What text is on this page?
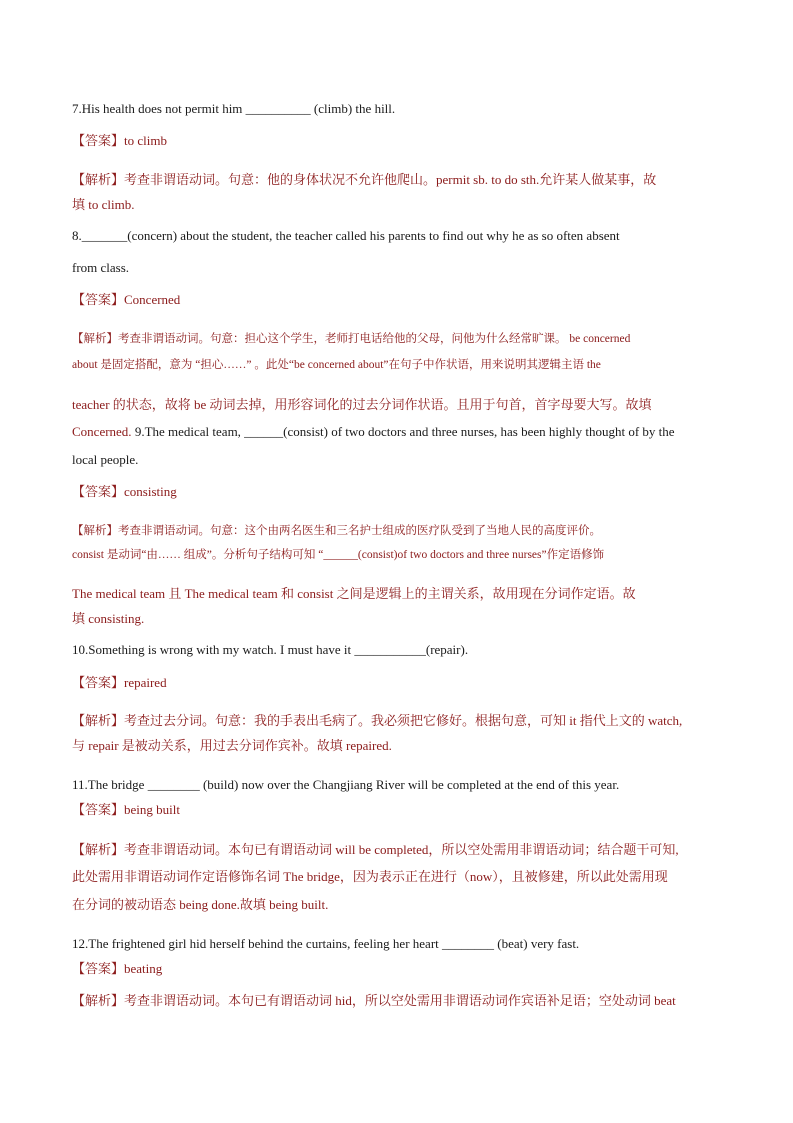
7.His health does not permit him __________ (climb) the hill.
【答案】to climb
【解析】考查非谓语动词。句意：他的身体状况不允许他爬山。permit sb. to do sth.允许某人做某事，故
填 to climb.
8._______(concern) about the student, the teacher called his parents to find out why he as so often absent
from class.
【答案】Concerned
【解析】考查非谓语动词。句意：担心这个学生，老师打电话给他的父母，问他为什么经常旷课。 be concerned
about 是固定搭配，意为 “担心……” 。此处“be concerned about”在句子中作状语，用来说明其逻辑主语 the
teacher 的状态，故将 be 动词去掉，用形容词化的过去分词作状语。且用于句首，首字母要大写。故填
Concerned. 9.The medical team, ______(consist) of two doctors and three nurses, has been highly thought of by the
local people.
【答案】consisting
【解析】考查非谓语动词。句意：这个由两名医生和三名护士组成的医疗队受到了当地人民的高度评价。
consist 是动词“由…… 组成”。分析句子结构可知 “______(consist)of two doctors and three nurses”作定语修饰
The medical team 且 The medical team 和 consist 之间是逻辑上的主谓关系，故用现在分词作定语。故
填 consisting.
10.Something is wrong with my watch. I must have it ___________(repair).
【答案】repaired
【解析】考查过去分词。句意：我的手表出毛病了。我必须把它修好。根据句意，可知 it 指代上文的 watch,
与 repair 是被动关系，用过去分词作宾补。故填 repaired.
11.The bridge ________ (build) now over the Changjiang River will be completed at the end of this year.
【答案】being built
【解析】考查非谓语动词。本句已有谓语动词 will be completed，所以空处需用非谓语动词；结合题干可知,
此处需用非谓语动词作定语修饰名词 The bridge，因为表示正在进行（now），且被修建，所以此处需用现
在分词的被动语态 being done.故填 being built.
12.The frightened girl hid herself behind the curtains, feeling her heart ________ (beat) very fast.
【答案】beating
【解析】考查非谓语动词。本句已有谓语动词 hid，所以空处需用非谓语动词作宾语补足语；空处动词 beat
